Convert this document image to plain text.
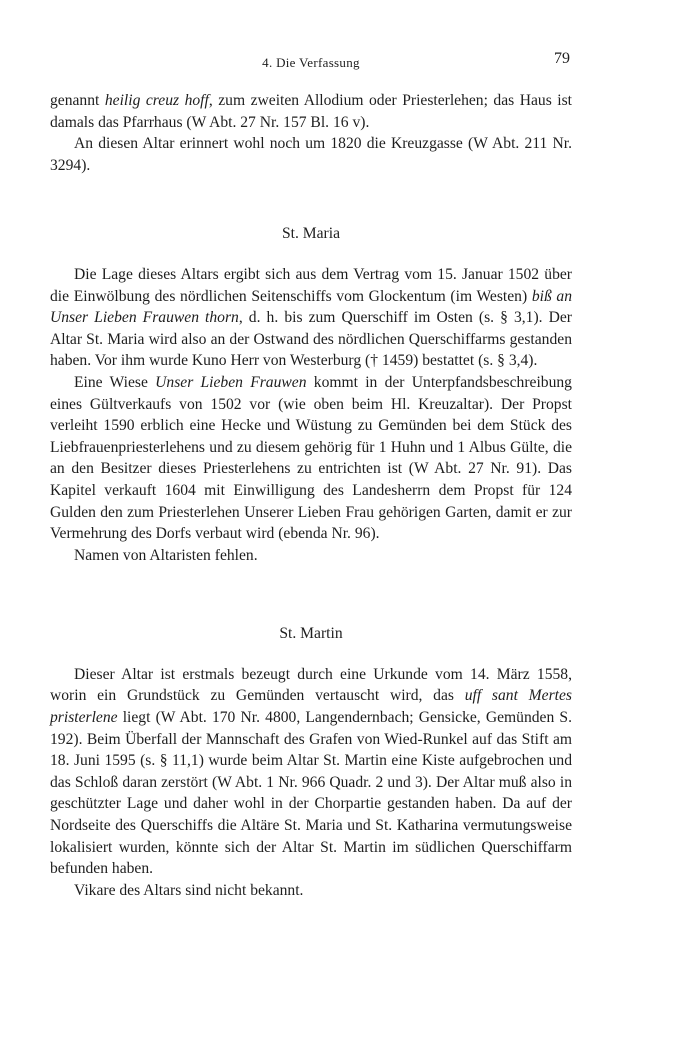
4. Die Verfassung	79

genannt heilig creuz hoff, zum zweiten Allodium oder Priesterlehen; das Haus ist damals das Pfarrhaus (W Abt. 27 Nr. 157 Bl. 16 v).

An diesen Altar erinnert wohl noch um 1820 die Kreuzgasse (W Abt. 211 Nr. 3294).

St. Maria

Die Lage dieses Altars ergibt sich aus dem Vertrag vom 15. Januar 1502 über die Einwölbung des nördlichen Seitenschiffs vom Glockentum (im Westen) biß an Unser Lieben Frauwen thorn, d. h. bis zum Querschiff im Osten (s. § 3,1). Der Altar St. Maria wird also an der Ostwand des nördlichen Querschiffarms gestanden haben. Vor ihm wurde Kuno Herr von Westerburg († 1459) bestattet (s. § 3,4).

Eine Wiese Unser Lieben Frauwen kommt in der Unterpfandsbeschreibung eines Gültverkaufs von 1502 vor (wie oben beim Hl. Kreuzaltar). Der Propst verleiht 1590 erblich eine Hecke und Wüstung zu Gemünden bei dem Stück des Liebfrauenpriesterlehens und zu diesem gehörig für 1 Huhn und 1 Albus Gülte, die an den Besitzer dieses Priesterlehens zu entrichten ist (W Abt. 27 Nr. 91). Das Kapitel verkauft 1604 mit Einwilligung des Landesherrn dem Propst für 124 Gulden den zum Priesterlehen Unserer Lieben Frau gehörigen Garten, damit er zur Vermehrung des Dorfs verbaut wird (ebenda Nr. 96).

Namen von Altaristen fehlen.

St. Martin

Dieser Altar ist erstmals bezeugt durch eine Urkunde vom 14. März 1558, worin ein Grundstück zu Gemünden vertauscht wird, das uff sant Mertes pristerlene liegt (W Abt. 170 Nr. 4800, Langendernbach; Gensicke, Gemünden S. 192). Beim Überfall der Mannschaft des Grafen von Wied-Runkel auf das Stift am 18. Juni 1595 (s. § 11,1) wurde beim Altar St. Martin eine Kiste aufgebrochen und das Schloß daran zerstört (W Abt. 1 Nr. 966 Quadr. 2 und 3). Der Altar muß also in geschützter Lage und daher wohl in der Chorpartie gestanden haben. Da auf der Nordseite des Querschiffs die Altäre St. Maria und St. Katharina vermutungsweise lokalisiert wurden, könnte sich der Altar St. Martin im südlichen Querschiffarm befunden haben.

Vikare des Altars sind nicht bekannt.
